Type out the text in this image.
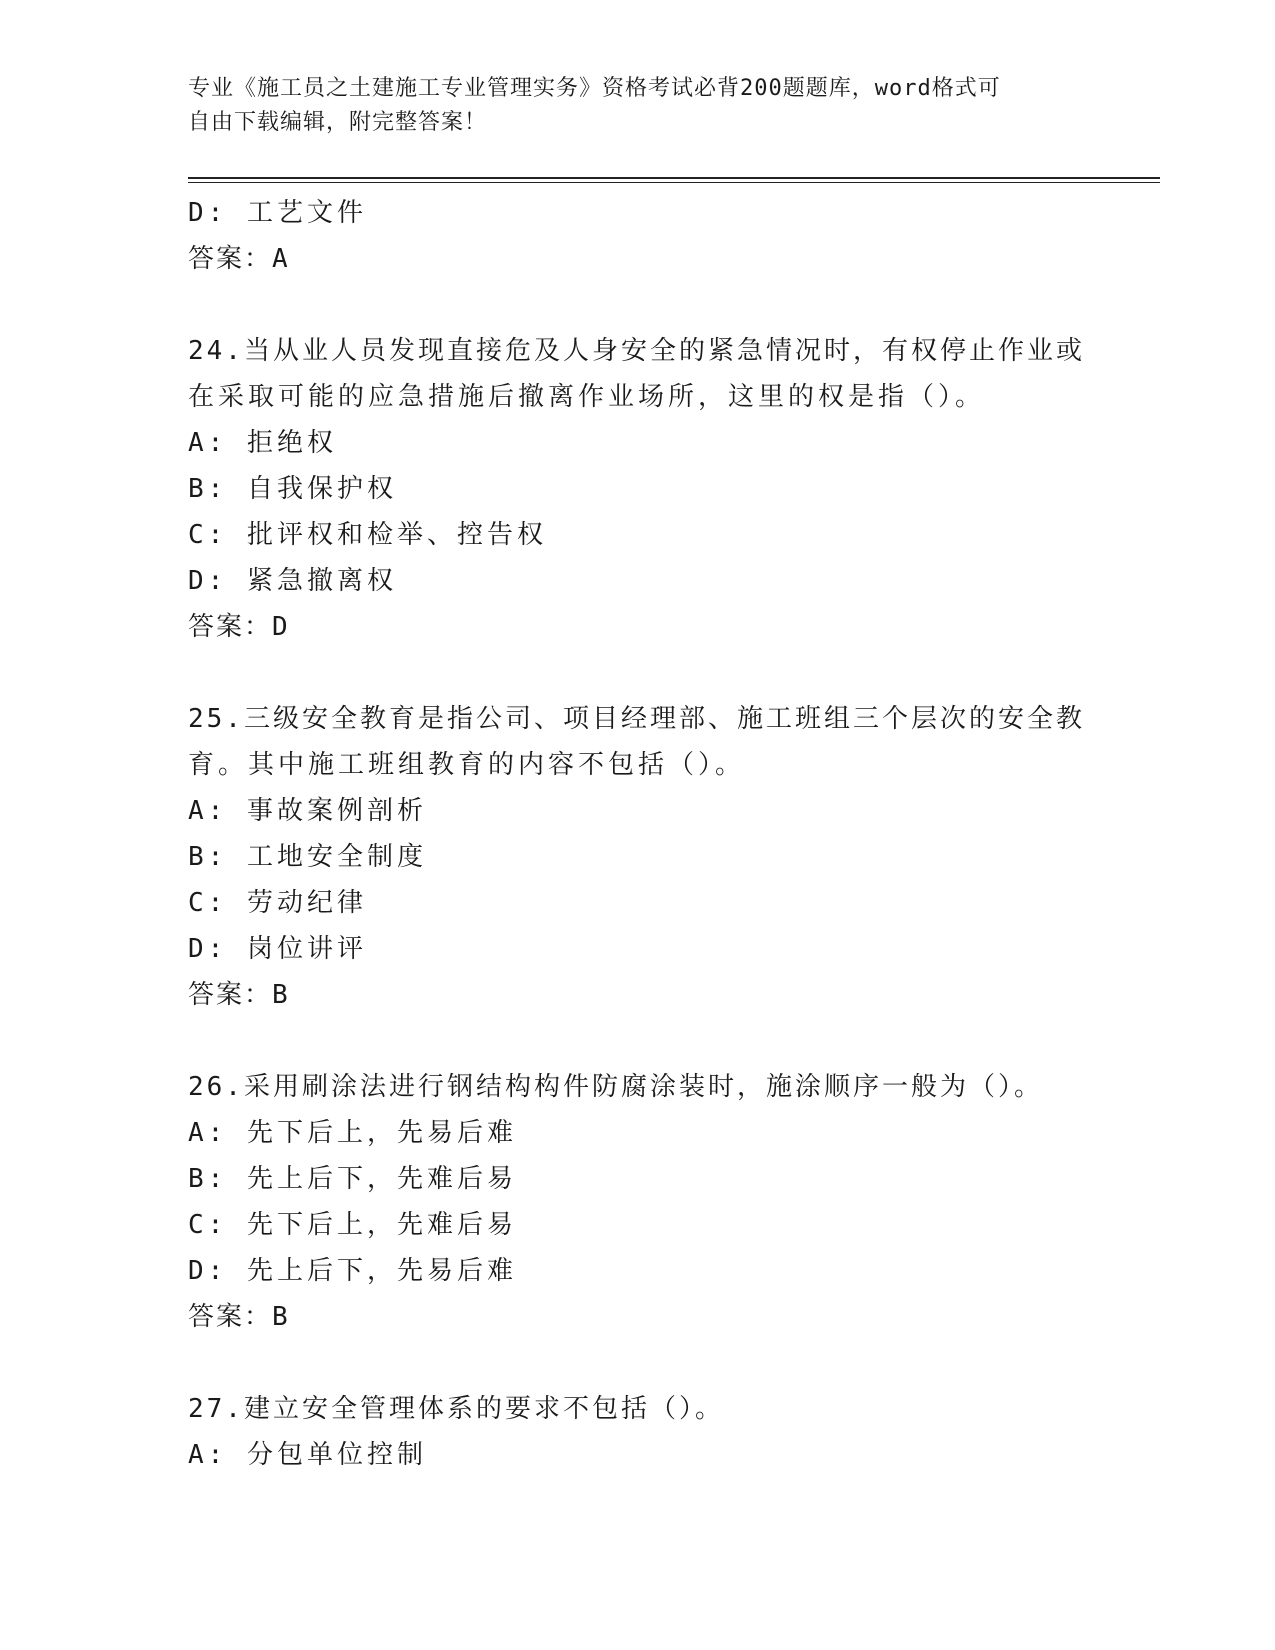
专业《施工员之土建施工专业管理实务》资格考试必背200题题库，word格式可
自由下载编辑，附完整答案！
D: 工艺文件
答案：A
24.当从业人员发现直接危及人身安全的紧急情况时，有权停止作业或
在采取可能的应急措施后撤离作业场所，这里的权是指（）。
A: 拒绝权
B: 自我保护权
C: 批评权和检举、控告权
D: 紧急撤离权
答案：D
25.三级安全教育是指公司、项目经理部、施工班组三个层次的安全教
育。其中施工班组教育的内容不包括（）。
A: 事故案例剖析
B: 工地安全制度
C: 劳动纪律
D: 岗位讲评
答案：B
26.采用刷涂法进行钢结构构件防腐涂装时，施涂顺序一般为（）。
A: 先下后上，先易后难
B: 先上后下，先难后易
C: 先下后上，先难后易
D: 先上后下，先易后难
答案：B
27.建立安全管理体系的要求不包括（）。
A: 分包单位控制
